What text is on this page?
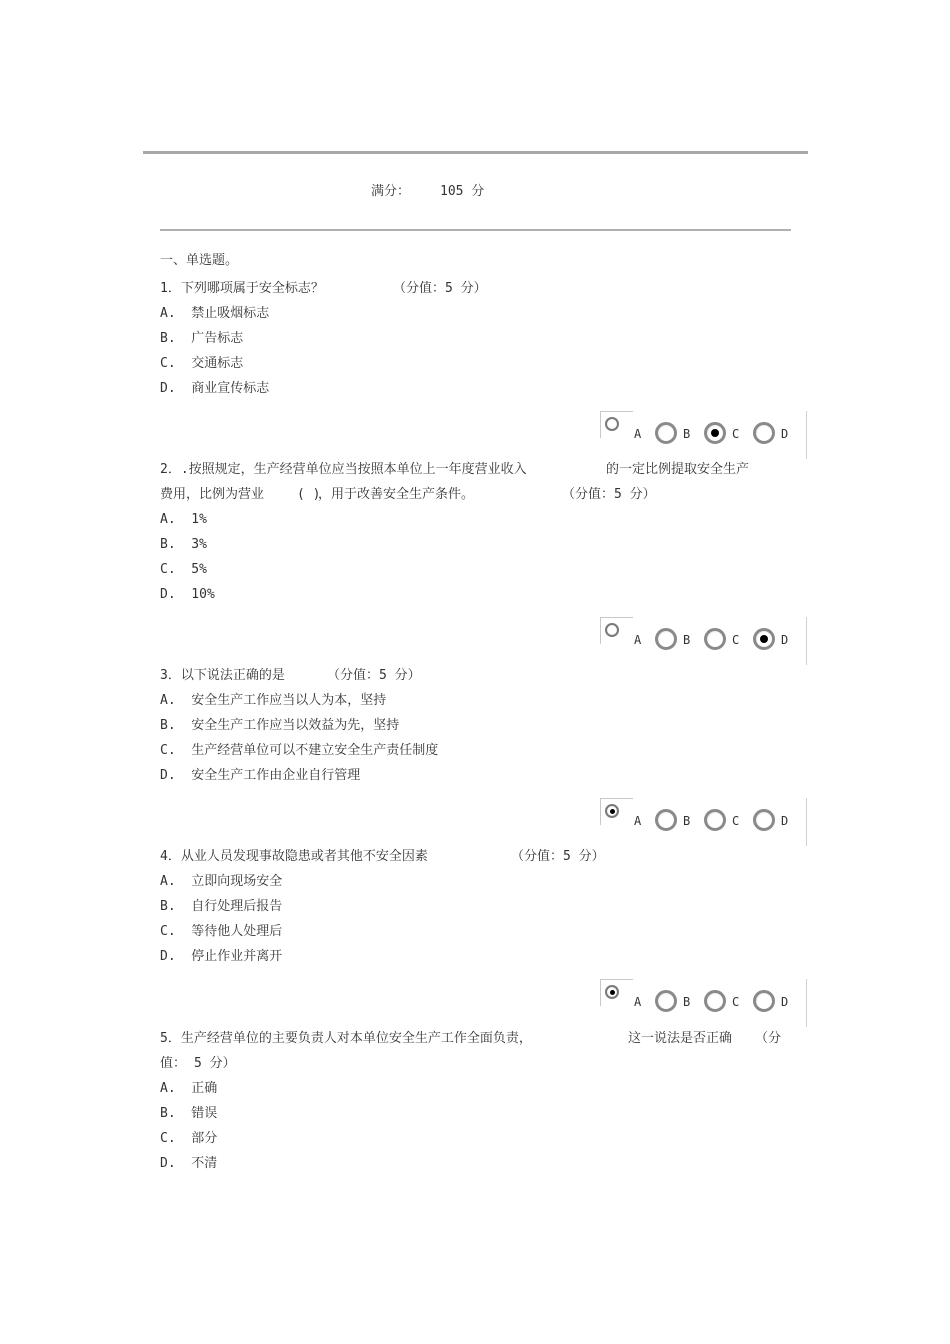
满分： 105 分
一、单选题。
1．下列哪项属于安全标志？	（分值：5 分）
A.  禁止吸烟标志
B.  广告标志
C.  交通标志
D.  商业宣传标志
A	B	C	D
2．.按照规定，生产经营单位应当按照本单位上一年度营业收入	的一定比例提取安全生产
费用，比例为营业	( )
，用于改善安全生产条件。	（分值：5 分）
A.  1%
B.  3%
C.  5%
D.  10%
A	B	C	D
3．以下说法正确的是	（分值：5 分）
A.  安全生产工作应当以人为本，坚持
B.  安全生产工作应当以效益为先，坚持
C.  生产经营单位可以不建立安全生产责任制度
D.  安全生产工作由企业自行管理
A	B	C	D
4．从业人员发现事故隐患或者其他不安全因素	（分值：5 分）
A.  立即向现场安全
B.  自行处理后报告
C.  等待他人处理后
D.  停止作业并离开
A	B	C	D
5．生产经营单位的主要负责人对本单位安全生产工作全面负责，	这一说法是否正确 （分
值： 5 分）
A.  正确
B.  错误
C.  部分
D.  不清
